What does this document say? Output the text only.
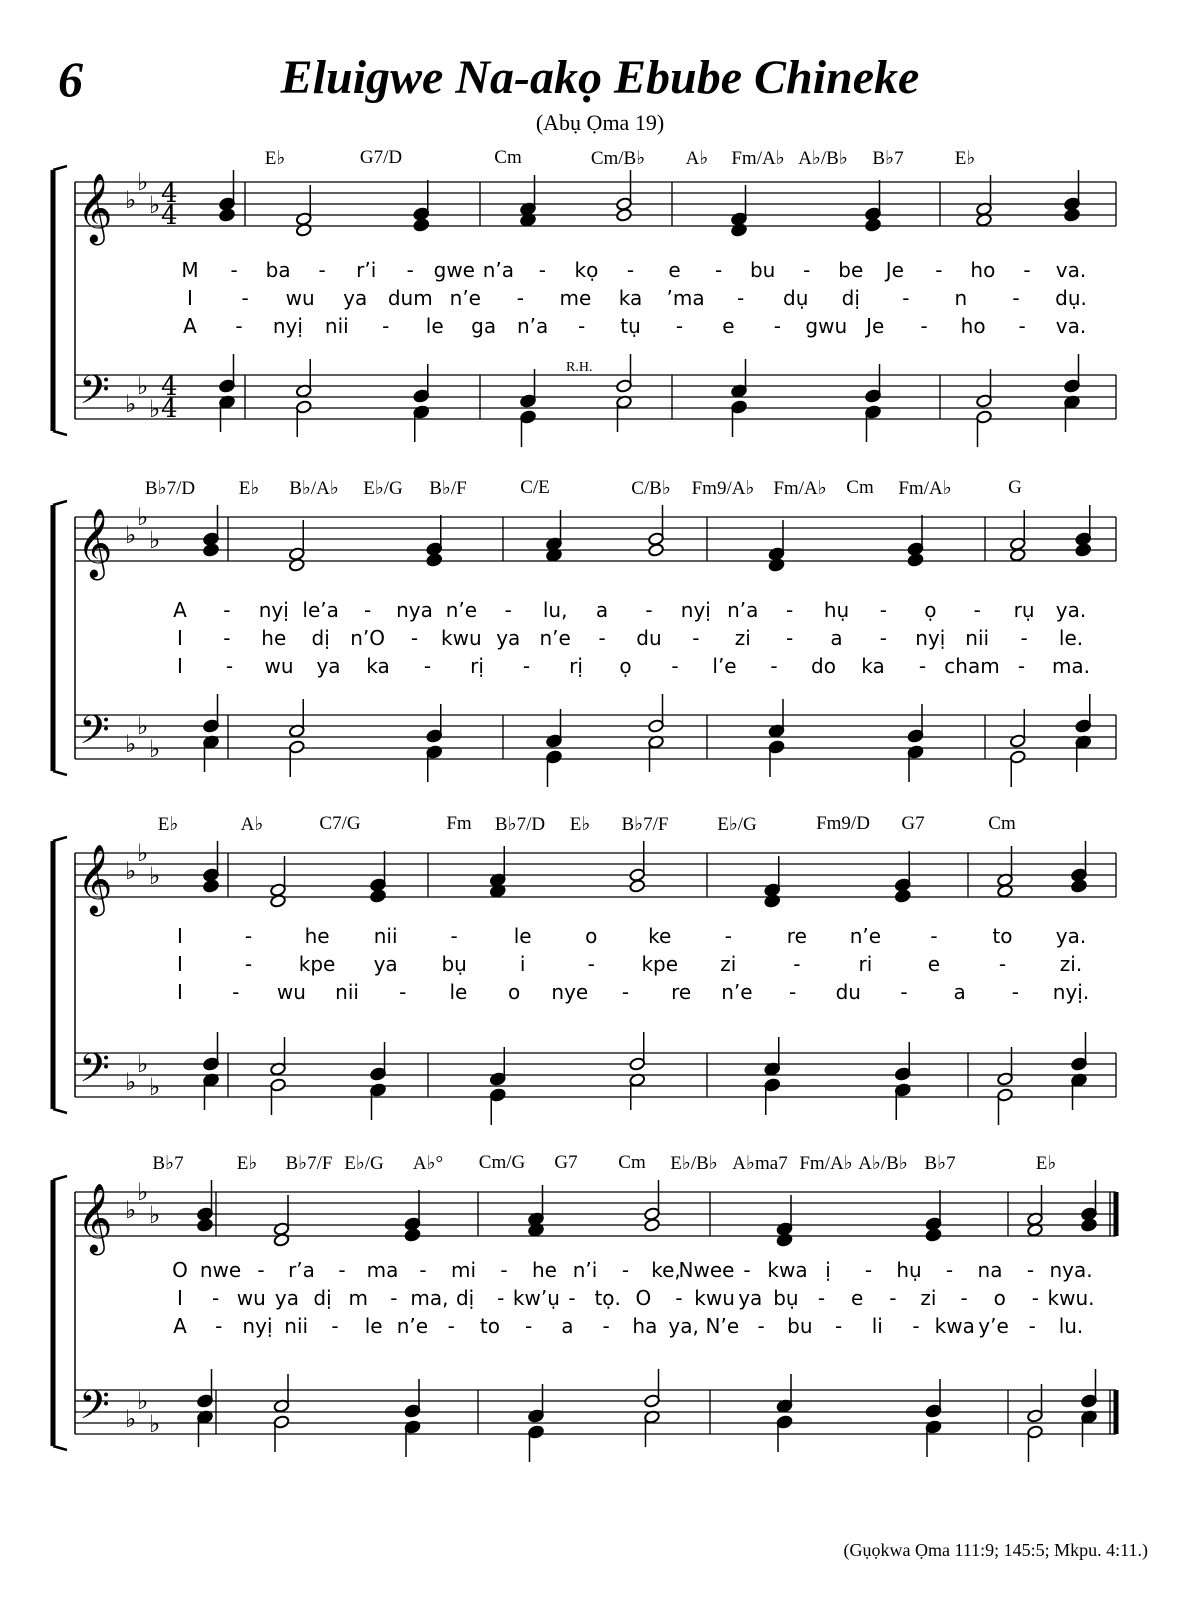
6	Eluigwe Na-akọ Ebube Chineke
(Abụ Ọma 19)
R.H.
𝄞
𝄢
♭
♭
♭
♭
♭
♭
4
4
4
4
𝄞
𝄢
♭
♭
♭
♭
♭
♭
𝄞
𝄢
♭
♭
♭
♭
♭
♭
𝄞
𝄢
♭
♭
♭
♭
♭
♭
E♭	G7/D	Cm	Cm/B♭ A♭ Fm/A♭ A♭/B♭ B♭7	E♭
B♭7/D E♭ B♭/A♭ E♭/G B♭/F	C/E	C/B♭ Fm9/A♭ Fm/A♭ Cm Fm/A♭	G
E♭	A♭	C7/G	Fm B♭7/D E♭ B♭7/F	E♭/G	Fm9/D G7	Cm
B♭7	E♭ B♭7/F E♭/G A♭° Cm/G G7 Cm E♭/B♭ A♭ma7 Fm/A♭ A♭/B♭ B♭7	E♭
M - ba - r’i - gwe n’a - kọ - e - bu - be Je - ho - va.
I - wu ya dum n’e - me ka ’ma - dụ dị - n - dụ.
A - nyị nii - le ga n’a - tụ - e - gwu Je - ho - va.
A - nyị le’a - nya n’e - lu, a - nyị n’a - hụ - ọ - rụ ya.
I - he dị n’O - kwu ya n’e - du - zi - a - nyị nii - le.
I - wu ya ka - rị - rị ọ - l’e - do ka - cham - ma.
I	-	he nii	-	le	o	ke	-	re n’e -	to ya.
I	- kpe ya bụ	i	- kpe zi	-	ri	e	-	zi.
I - wu nii - le o nye - re n’e - du - a - nyị.
O nwe - r’a - ma - mi - he n’i - ke,
Nwee - kwa ị - hụ - na - nya.
I - wu ya dị m - ma, dị - kw’ụ - tọ. O - kwu ya bụ - e - zi - o - kwu.
A - nyị nii - le n’e - to - a - ha ya, N’e - bu - li - kwa y’e - lu.
(Gụọkwa Ọma 111:9; 145:5; Mkpu. 4:11.)
